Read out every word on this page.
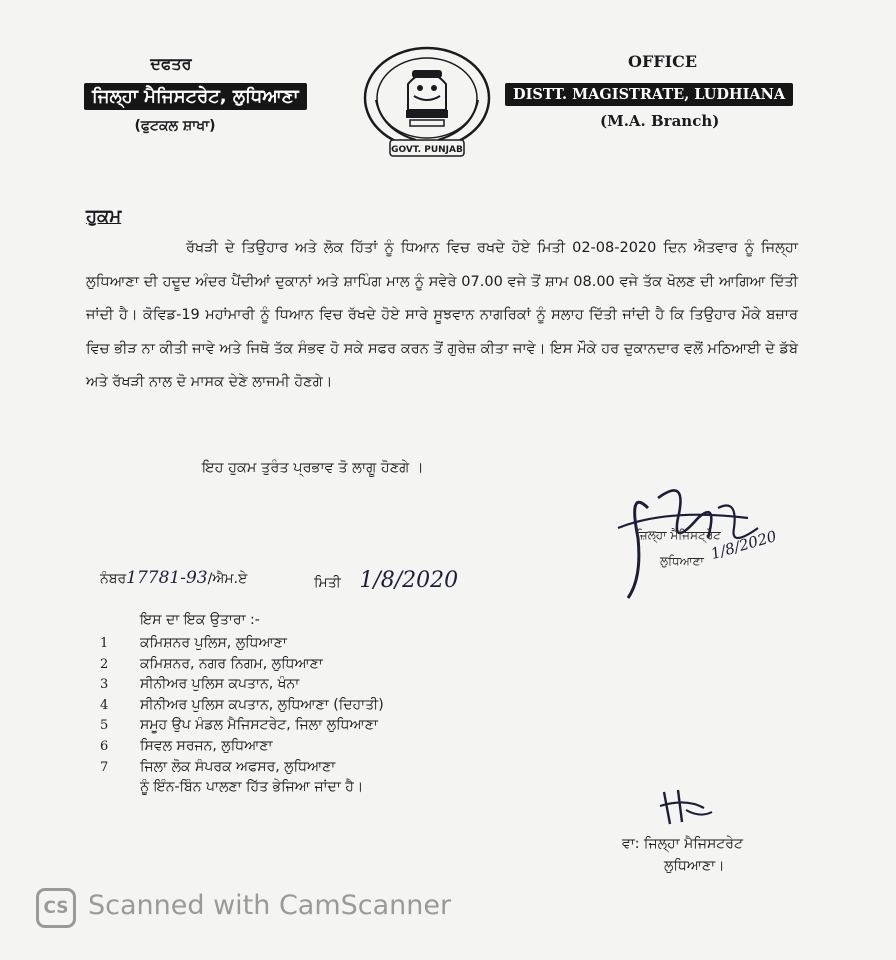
ਦਫਤਰ
ਜਿਲ੍ਹਾ ਮੈਜਿਸਟਰੇਟ, ਲੁਧਿਆਣਾ
(ਫੁਟਕਲ ਸ਼ਾਖਾ)
GOVT. PUNJAB
OFFICE
DISTT. MAGISTRATE, LUDHIANA
(M.A. Branch)
ਹੁਕਮ
ਰੱਖੜੀ ਦੇ ਤਿਉਹਾਰ ਅਤੇ ਲੋਕ ਹਿੱਤਾਂ ਨੂੰ ਧਿਆਨ ਵਿਚ ਰਖਦੇ ਹੋਏ ਮਿਤੀ 02-08-2020 ਦਿਨ ਐਤਵਾਰ ਨੂੰ ਜਿਲ੍ਹਾ ਲੁਧਿਆਣਾ ਦੀ ਹਦੂਦ ਅੰਦਰ ਪੈਂਦੀਆਂ ਦੁਕਾਨਾਂ ਅਤੇ ਸ਼ਾਪਿੰਗ ਮਾਲ ਨੂੰ ਸਵੇਰੇ 07.00 ਵਜੇ ਤੋਂ ਸ਼ਾਮ 08.00 ਵਜੇ ਤੱਕ ਖੋਲਣ ਦੀ ਆਗਿਆ ਦਿੱਤੀ ਜਾਂਦੀ ਹੈ। ਕੋਵਿਡ-19 ਮਹਾਂਮਾਰੀ ਨੂੰ ਧਿਆਨ ਵਿਚ ਰੱਖਦੇ ਹੋਏ ਸਾਰੇ ਸੂਝਵਾਨ ਨਾਗਰਿਕਾਂ ਨੂੰ ਸਲਾਹ ਦਿੱਤੀ ਜਾਂਦੀ ਹੈ ਕਿ ਤਿਉਹਾਰ ਮੌਕੇ ਬਜ਼ਾਰ ਵਿਚ ਭੀੜ ਨਾ ਕੀਤੀ ਜਾਵੇ ਅਤੇ ਜਿਥੋ ਤੱਕ ਸੰਭਵ ਹੋ ਸਕੇ ਸਫਰ ਕਰਨ ਤੋਂ ਗੁਰੇਜ਼ ਕੀਤਾ ਜਾਵੇ। ਇਸ ਮੌਕੇ ਹਰ ਦੁਕਾਨਦਾਰ ਵਲੋਂ ਮਠਿਆਈ ਦੇ ਡੱਬੇ ਅਤੇ ਰੱਖੜੀ ਨਾਲ ਦੋ ਮਾਸਕ ਦੇਣੇ ਲਾਜਮੀ ਹੋਣਗੇ।
ਇਹ ਹੁਕਮ ਤੁਰੰਤ ਪ੍ਰਭਾਵ ਤੋ ਲਾਗੂ ਹੋਣਗੇ ।
ਜ਼ਿਲ੍ਹਾ ਮੈਜਿਸਟ੍ਰੇਟ
ਲੁਧਿਆਣਾ 1/8/2020
ਨੰਬਰ17781-93/ਐਮ.ਏ	ਮਿਤੀ 1/8/2020
ਇਸ ਦਾ ਇਕ ਉਤਾਰਾ :-
1 ਕਮਿਸ਼ਨਰ ਪੁਲਿਸ, ਲੁਧਿਆਣਾ
2 ਕਮਿਸ਼ਨਰ, ਨਗਰ ਨਿਗਮ, ਲੁਧਿਆਣਾ
3 ਸੀਨੀਅਰ ਪੁਲਿਸ ਕਪਤਾਨ, ਖੰਨਾ
4 ਸੀਨੀਅਰ ਪੁਲਿਸ ਕਪਤਾਨ, ਲੁਧਿਆਣਾ (ਦਿਹਾਤੀ)
5 ਸਮੂਹ ਉਪ ਮੰਡਲ ਮੈਜਿਸਟਰੇਟ, ਜਿਲਾ ਲੁਧਿਆਣਾ
6 ਸਿਵਲ ਸਰਜਨ, ਲੁਧਿਆਣਾ
7 ਜਿਲਾ ਲੋਕ ਸੰਪਰਕ ਅਫਸਰ, ਲੁਧਿਆਣਾ
ਨੂੰ ਇੰਨ-ਬਿੰਨ ਪਾਲਣਾ ਹਿੱਤ ਭੇਜਿਆ ਜਾਂਦਾ ਹੈ।
ਵਾ: ਜਿਲ੍ਹਾ ਮੈਜਿਸਟਰੇਟ
ਲੁਧਿਆਣਾ।
CS Scanned with CamScanner
